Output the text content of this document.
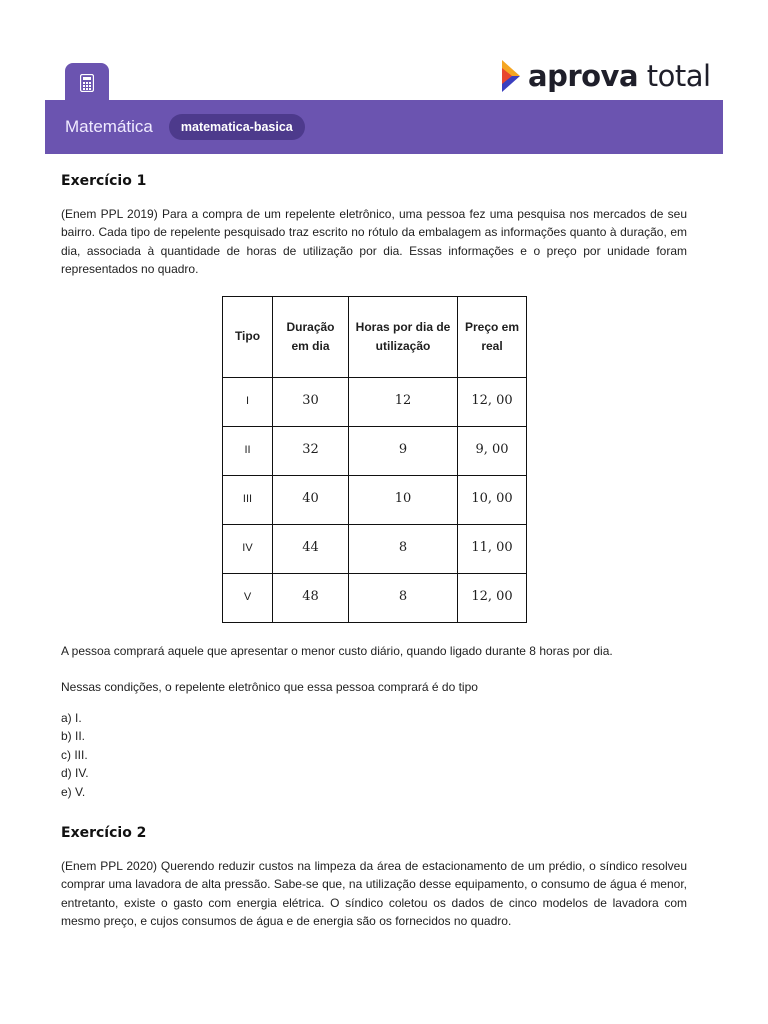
aprova total
Matemática	matematica-basica
Exercício 1

(Enem PPL 2019) Para a compra de um repelente eletrônico, uma pessoa fez uma pesquisa nos mercados de seu bairro. Cada tipo de repelente pesquisado traz escrito no rótulo da embalagem as informações quanto à duração, em dia, associada à quantidade de horas de utilização por dia. Essas informações e o preço por unidade foram representados no quadro.

Tipo	Duração em dia	Horas por dia de utilização	Preço em real
I	30	12	12, 00
II	32	9	9, 00
III	40	10	10, 00
IV	44	8	11, 00
V	48	8	12, 00

A pessoa comprará aquele que apresentar o menor custo diário, quando ligado durante 8 horas por dia.

Nessas condições, o repelente eletrônico que essa pessoa comprará é do tipo

a) I.
b) II.
c) III.
d) IV.
e) V.
Exercício 2

(Enem PPL 2020) Querendo reduzir custos na limpeza da área de estacionamento de um prédio, o síndico resolveu comprar uma lavadora de alta pressão. Sabe-se que, na utilização desse equipamento, o consumo de água é menor, entretanto, existe o gasto com energia elétrica. O síndico coletou os dados de cinco modelos de lavadora com mesmo preço, e cujos consumos de água e de energia são os fornecidos no quadro.
